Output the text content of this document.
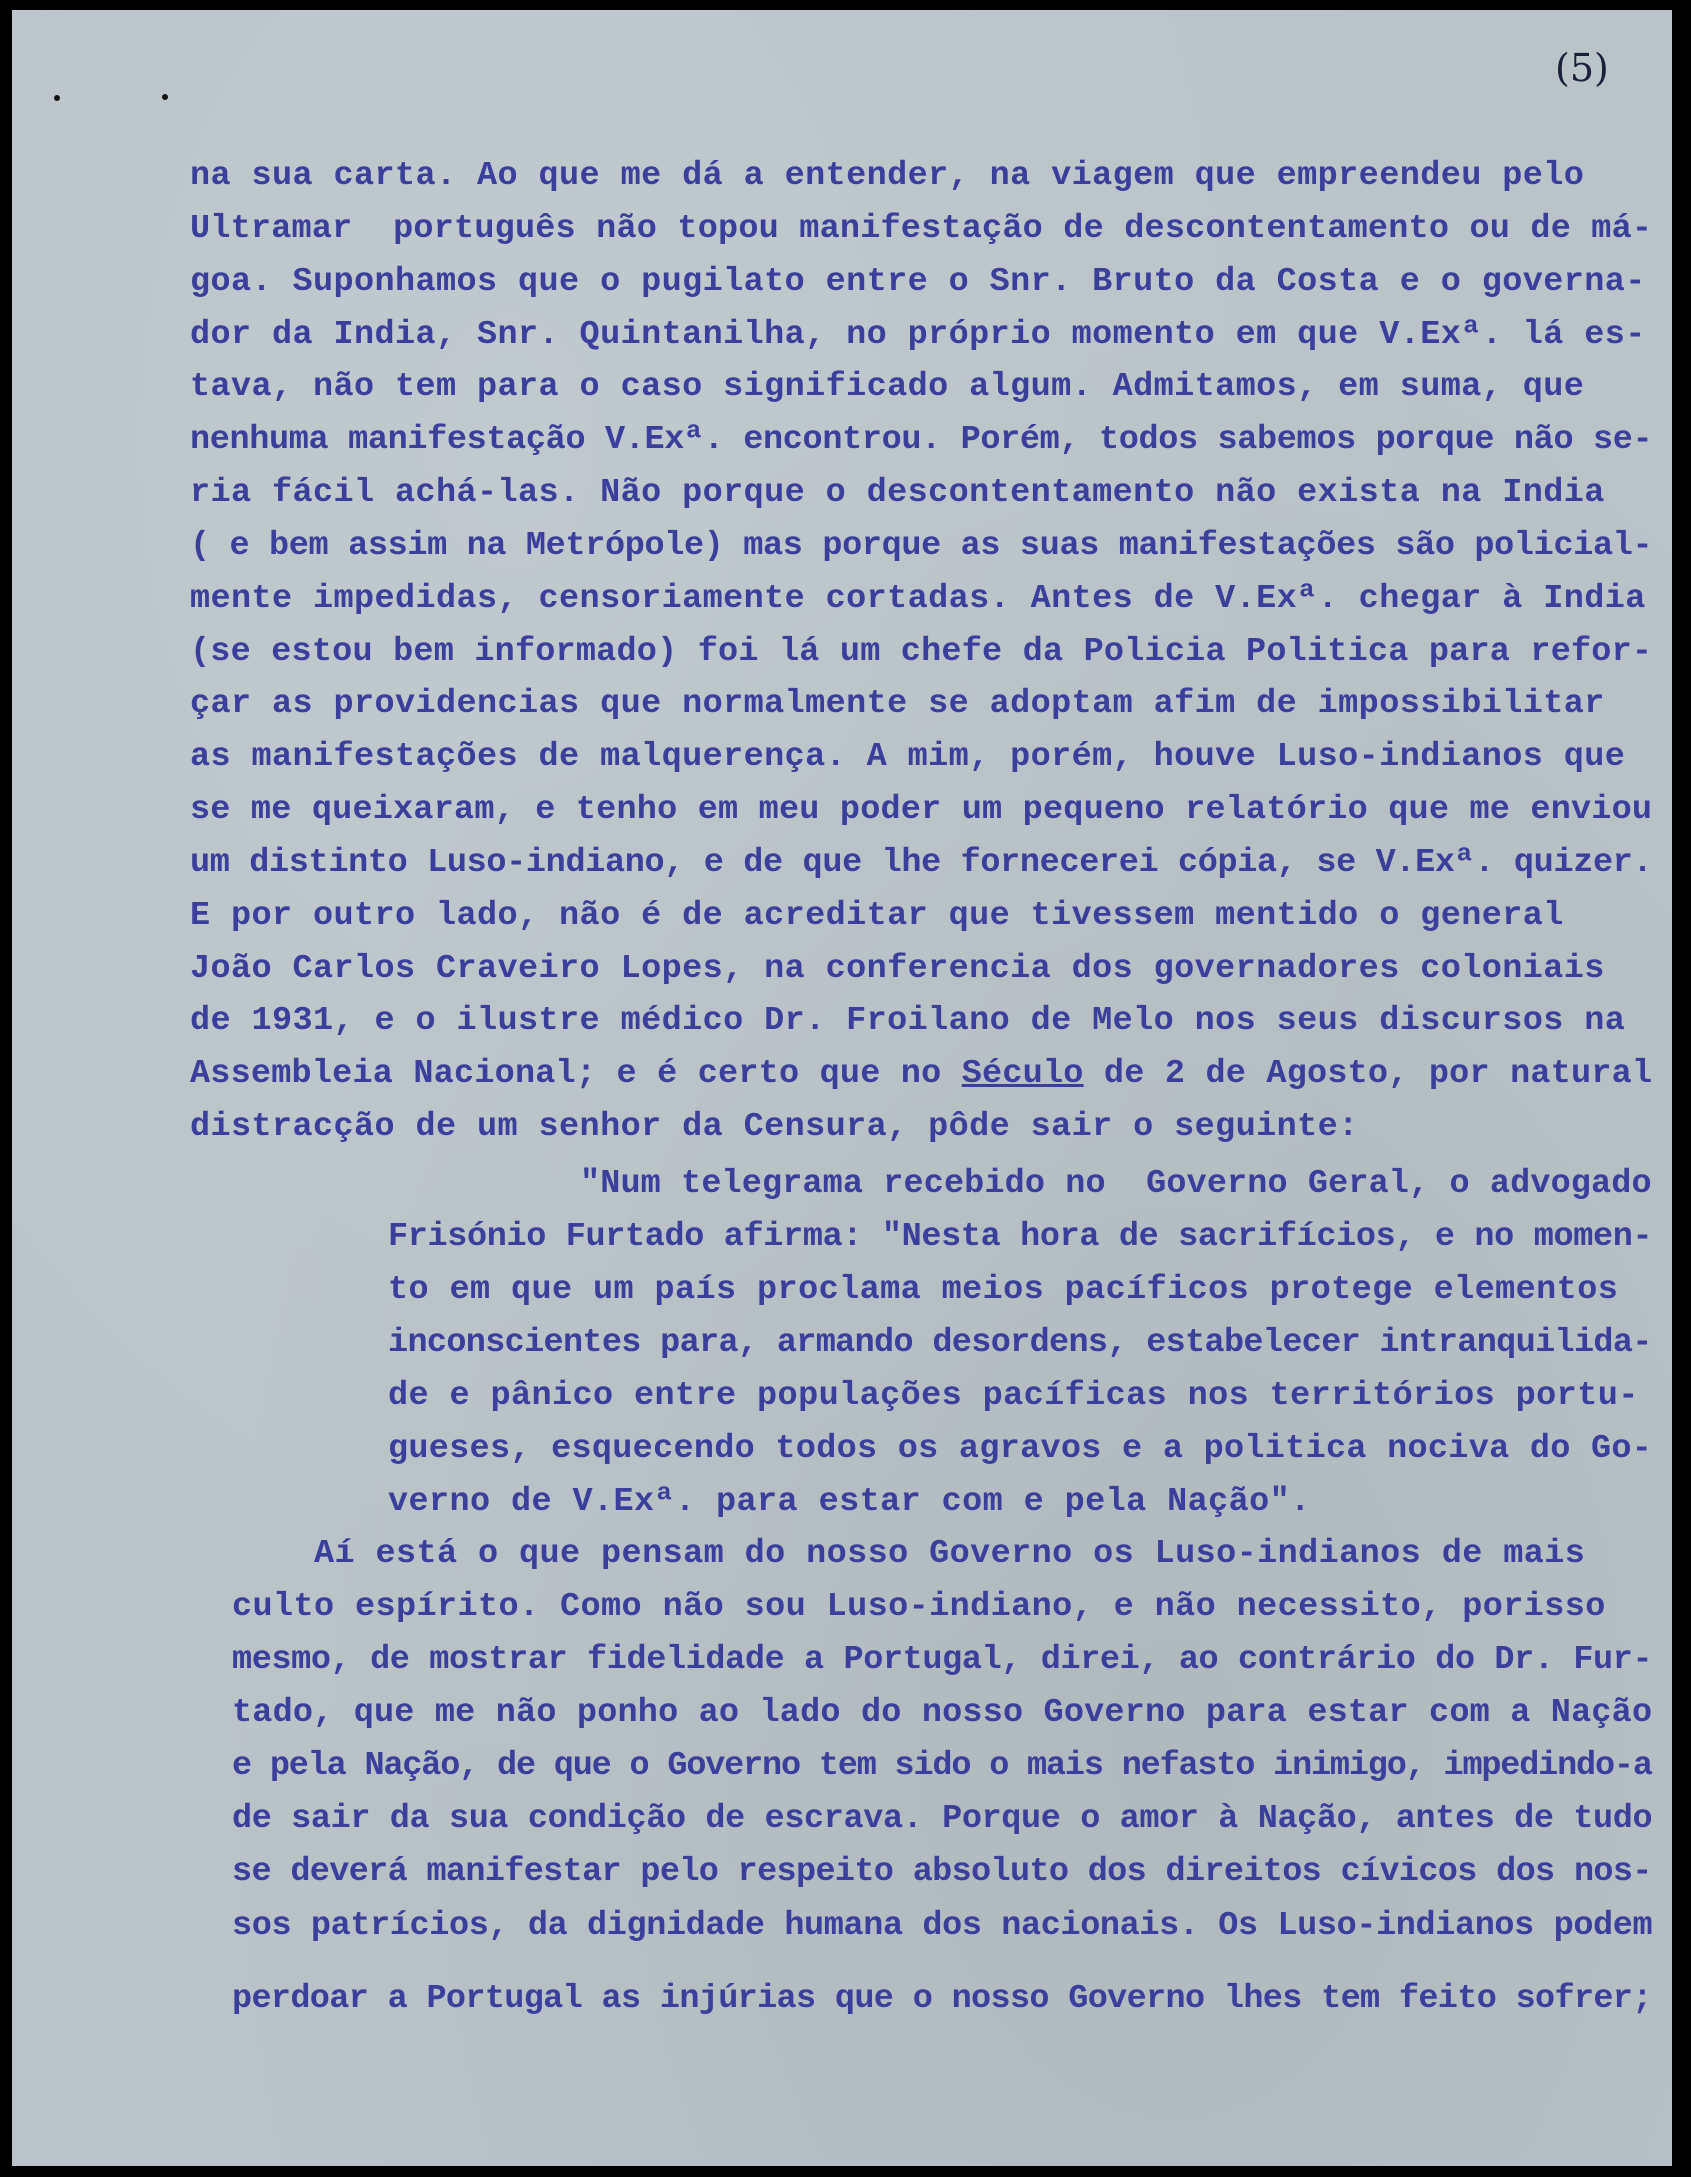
(5)
na sua carta. Ao que me dá a entender, na viagem que empreendeu pelo
Ultramar  português não topou manifestação de descontentamento ou de má-
goa. Suponhamos que o pugilato entre o Snr. Bruto da Costa e o governa-
dor da India, Snr. Quintanilha, no próprio momento em que V.Exª. lá es-
tava, não tem para o caso significado algum. Admitamos, em suma, que
nenhuma manifestação V.Exª. encontrou. Porém, todos sabemos porque não se-
ria fácil achá-las. Não porque o descontentamento não exista na India
( e bem assim na Metrópole) mas porque as suas manifestações são policial-
mente impedidas, censoriamente cortadas. Antes de V.Exª. chegar à India
(se estou bem informado) foi lá um chefe da Policia Politica para refor-
çar as providencias que normalmente se adoptam afim de impossibilitar
as manifestações de malquerença. A mim, porém, houve Luso-indianos que
se me queixaram, e tenho em meu poder um pequeno relatório que me enviou
um distinto Luso-indiano, e de que lhe fornecerei cópia, se V.Exª. quizer.
E por outro lado, não é de acreditar que tivessem mentido o general
João Carlos Craveiro Lopes, na conferencia dos governadores coloniais
de 1931, e o ilustre médico Dr. Froilano de Melo nos seus discursos na
Assembleia Nacional; e é certo que no Século de 2 de Agosto, por natural
distracção de um senhor da Censura, pôde sair o seguinte:
"Num telegrama recebido no  Governo Geral, o advogado
Frisónio Furtado afirma: "Nesta hora de sacrifícios, e no momen-
to em que um país proclama meios pacíficos protege elementos
inconscientes para, armando desordens, estabelecer intranquilida-
de e pânico entre populações pacíficas nos territórios portu-
gueses, esquecendo todos os agravos e a politica nociva do Go-
verno de V.Exª. para estar com e pela Nação".
Aí está o que pensam do nosso Governo os Luso-indianos de mais
culto espírito. Como não sou Luso-indiano, e não necessito, porisso
mesmo, de mostrar fidelidade a Portugal, direi, ao contrário do Dr. Fur-
tado, que me não ponho ao lado do nosso Governo para estar com a Nação
e pela Nação, de que o Governo tem sido o mais nefasto inimigo, impedindo-a
de sair da sua condição de escrava. Porque o amor à Nação, antes de tudo
se deverá manifestar pelo respeito absoluto dos direitos cívicos dos nos-
sos patrícios, da dignidade humana dos nacionais. Os Luso-indianos podem
perdoar a Portugal as injúrias que o nosso Governo lhes tem feito sofrer;
